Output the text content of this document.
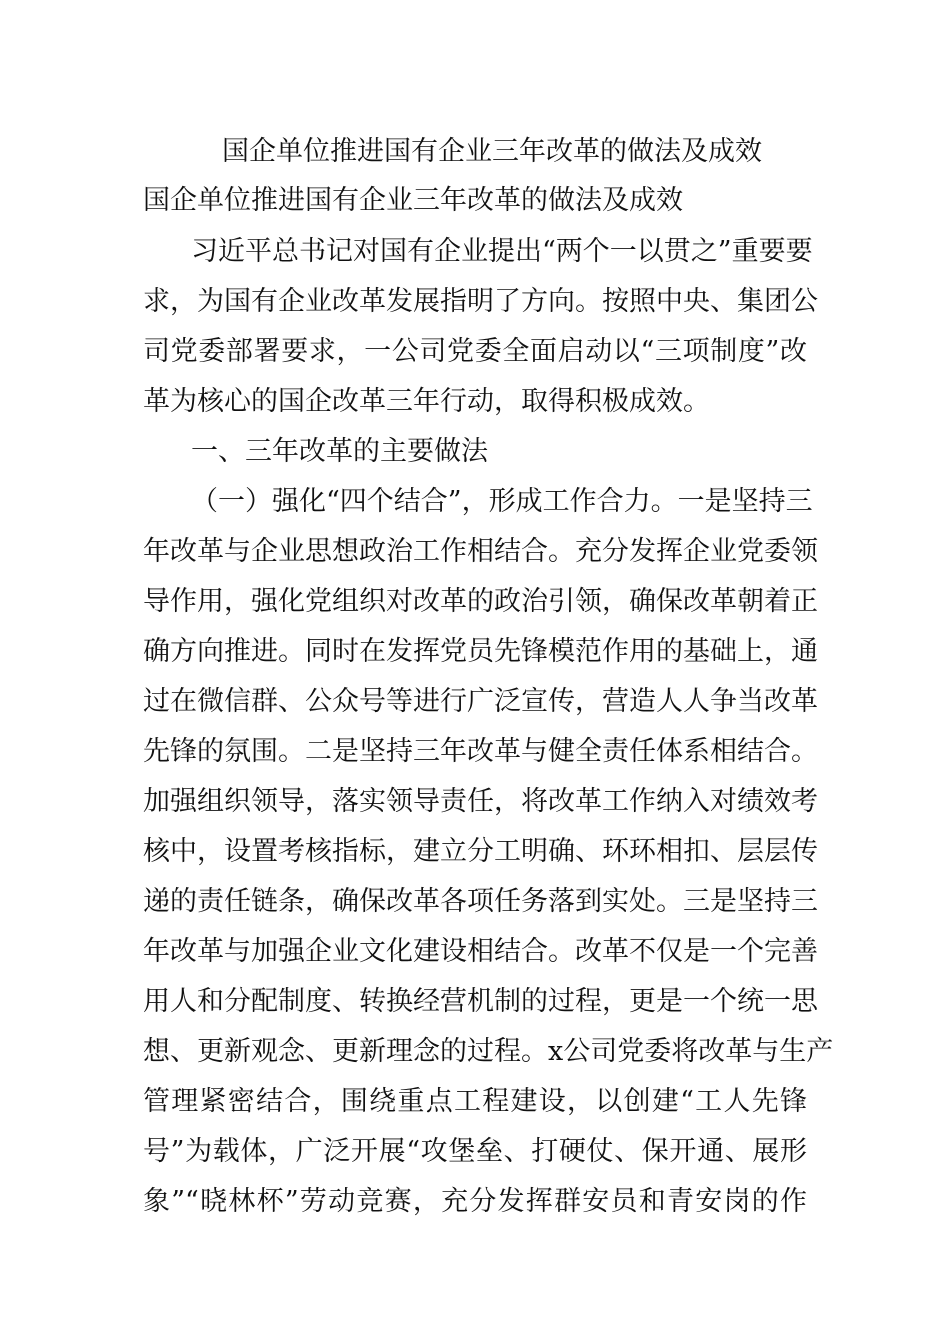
国企单位推进国有企业三年改革的做法及成效
国企单位推进国有企业三年改革的做法及成效
习近平总书记对国有企业提出“两个一以贯之”重要要
求，为国有企业改革发展指明了方向。按照中央、集团公
司党委部署要求，一公司党委全面启动以“三项制度”改
革为核心的国企改革三年行动，取得积极成效。
一、三年改革的主要做法
（一）强化“四个结合”，形成工作合力。一是坚持三
年改革与企业思想政治工作相结合。充分发挥企业党委领
导作用，强化党组织对改革的政治引领，确保改革朝着正
确方向推进。同时在发挥党员先锋模范作用的基础上，通
过在微信群、公众号等进行广泛宣传，营造人人争当改革
先锋的氛围。二是坚持三年改革与健全责任体系相结合。
加强组织领导，落实领导责任，将改革工作纳入对绩效考
核中，设置考核指标，建立分工明确、环环相扣、层层传
递的责任链条，确保改革各项任务落到实处。三是坚持三
年改革与加强企业文化建设相结合。改革不仅是一个完善
用人和分配制度、转换经营机制的过程，更是一个统一思
想、更新观念、更新理念的过程。x公司党委将改革与生产
管理紧密结合，围绕重点工程建设，以创建“工人先锋
号”为载体，广泛开展“攻堡垒、打硬仗、保开通、展形
象”“晓林杯”劳动竞赛，充分发挥群安员和青安岗的作
